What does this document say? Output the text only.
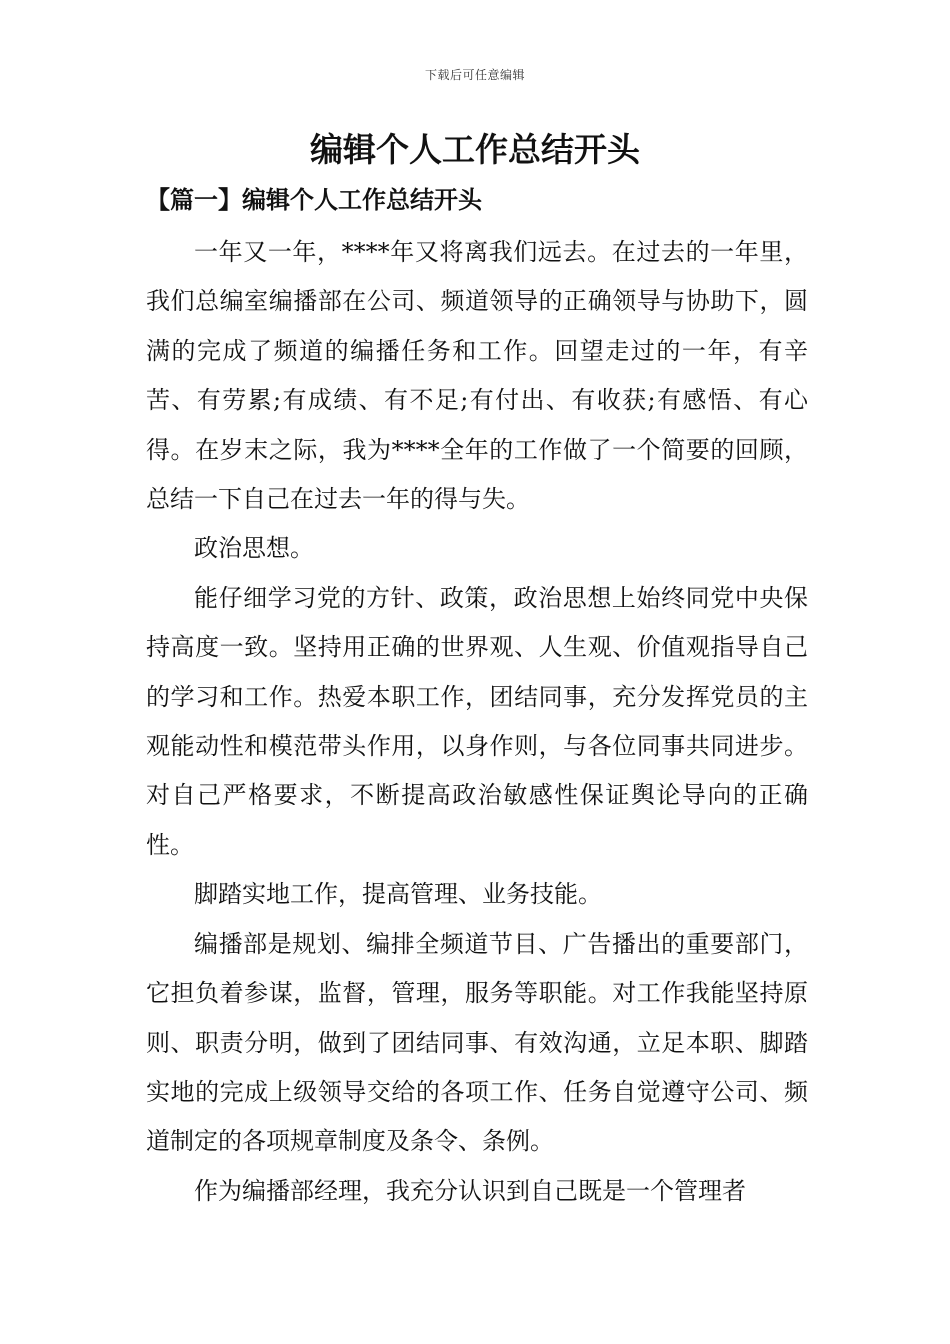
下载后可任意编辑
编辑个人工作总结开头
【篇一】编辑个人工作总结开头

一年又一年，****年又将离我们远去。在过去的一年里，我们总编室编播部在公司、频道领导的正确领导与协助下，圆满的完成了频道的编播任务和工作。回望走过的一年，有辛苦、有劳累;有成绩、有不足;有付出、有收获;有感悟、有心得。在岁末之际，我为****全年的工作做了一个简要的回顾，总结一下自己在过去一年的得与失。

政治思想。

能仔细学习党的方针、政策，政治思想上始终同党中央保持高度一致。坚持用正确的世界观、人生观、价值观指导自己的学习和工作。热爱本职工作，团结同事，充分发挥党员的主观能动性和模范带头作用，以身作则，与各位同事共同进步。对自己严格要求，不断提高政治敏感性保证舆论导向的正确性。

脚踏实地工作，提高管理、业务技能。

编播部是规划、编排全频道节目、广告播出的重要部门，它担负着参谋，监督，管理，服务等职能。对工作我能坚持原则、职责分明，做到了团结同事、有效沟通，立足本职、脚踏实地的完成上级领导交给的各项工作、任务自觉遵守公司、频道制定的各项规章制度及条令、条例。

作为编播部经理，我充分认识到自己既是一个管理者
